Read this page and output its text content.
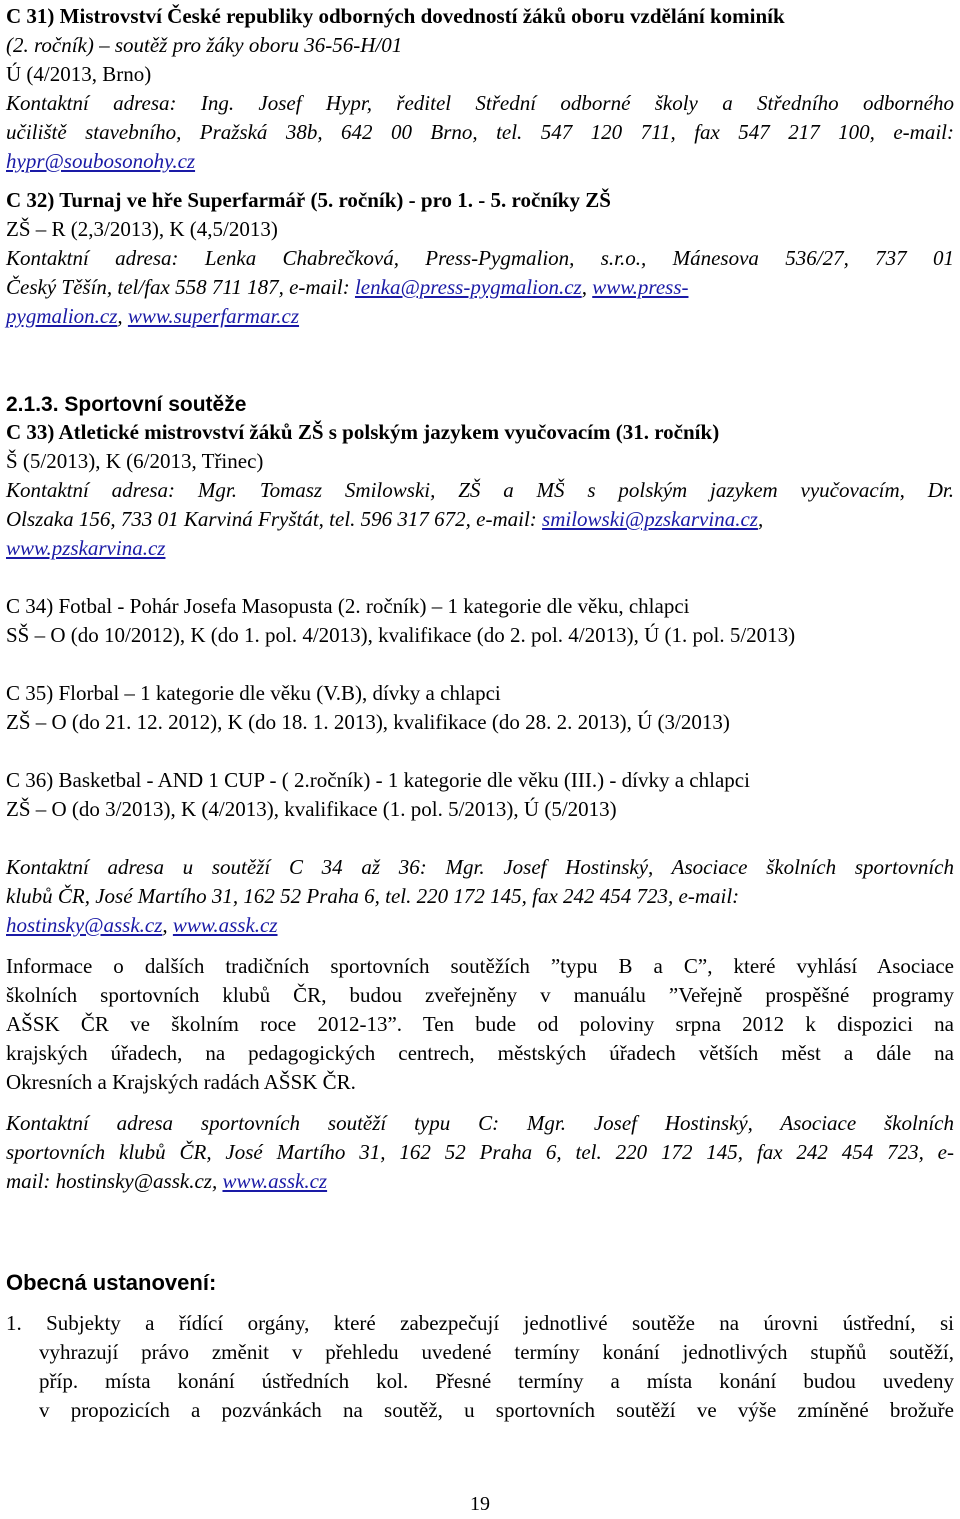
C 31) Mistrovství České republiky odborných dovedností žáků oboru vzdělání kominík
(2. ročník) – soutěž pro žáky oboru 36-56-H/01
Ú (4/2013, Brno)
Kontaktní adresa: Ing. Josef Hypr, ředitel Střední odborné školy a Středního odborného
učiliště stavebního, Pražská 38b, 642 00 Brno, tel. 547 120 711, fax 547 217 100, e-mail:
hypr@soubosonohy.cz
C 32) Turnaj ve hře Superfarmář (5. ročník) - pro 1. - 5. ročníky ZŠ
ZŠ – R (2,3/2013), K (4,5/2013)
Kontaktní adresa: Lenka Chabrečková, Press-Pygmalion, s.r.o., Mánesova 536/27, 737 01
Český Těšín, tel/fax 558 711 187, e-mail: lenka@press-pygmalion.cz, www.press-
pygmalion.cz, www.superfarmar.cz
2.1.3. Sportovní soutěže
C 33) Atletické mistrovství žáků ZŠ s polským jazykem vyučovacím (31. ročník)
Š (5/2013), K (6/2013, Třinec)
Kontaktní adresa: Mgr. Tomasz Smilowski, ZŠ a MŠ s polským jazykem vyučovacím, Dr.
Olszaka 156, 733 01 Karviná Fryštát, tel. 596 317 672, e-mail: smilowski@pzskarvina.cz,
www.pzskarvina.cz
C 34) Fotbal - Pohár Josefa Masopusta (2. ročník) – 1 kategorie dle věku, chlapci
SŠ – O (do 10/2012), K (do 1. pol. 4/2013), kvalifikace (do 2. pol. 4/2013), Ú (1. pol. 5/2013)
C 35) Florbal – 1 kategorie dle věku (V.B), dívky a chlapci
ZŠ – O (do 21. 12. 2012), K (do 18. 1. 2013), kvalifikace (do 28. 2. 2013), Ú (3/2013)
C 36) Basketbal - AND 1 CUP - ( 2.ročník) - 1 kategorie dle věku (III.) - dívky a chlapci
ZŠ – O (do 3/2013), K (4/2013), kvalifikace (1. pol. 5/2013), Ú (5/2013)
Kontaktní adresa u soutěží C 34 až 36: Mgr. Josef Hostinský, Asociace školních sportovních
klubů ČR, José Martího 31, 162 52 Praha 6, tel. 220 172 145, fax 242 454 723, e-mail:
hostinsky@assk.cz, www.assk.cz
Informace o dalších tradičních sportovních soutěžích ”typu B a C”, které vyhlásí Asociace
školních sportovních klubů ČR, budou zveřejněny v manuálu ”Veřejně prospěšné programy
AŠSK ČR ve školním roce 2012-13”. Ten bude od poloviny srpna 2012 k dispozici na
krajských úřadech, na pedagogických centrech, městských úřadech větších měst a dále na
Okresních a Krajských radách AŠSK ČR.
Kontaktní adresa sportovních soutěží typu C: Mgr. Josef Hostinský, Asociace školních
sportovních klubů ČR, José Martího 31, 162 52 Praha 6, tel. 220 172 145, fax 242 454 723, e-
mail: hostinsky@assk.cz, www.assk.cz
Obecná ustanovení:
1. Subjekty a řídící orgány, které zabezpečují jednotlivé soutěže na úrovni ústřední, si
vyhrazují právo změnit v přehledu uvedené termíny konání jednotlivých stupňů soutěží,
příp. místa konání ústředních kol. Přesné termíny a místa konání budou uvedeny
v propozicích a pozvánkách na soutěž, u sportovních soutěží ve výše zmíněné brožuře
19
